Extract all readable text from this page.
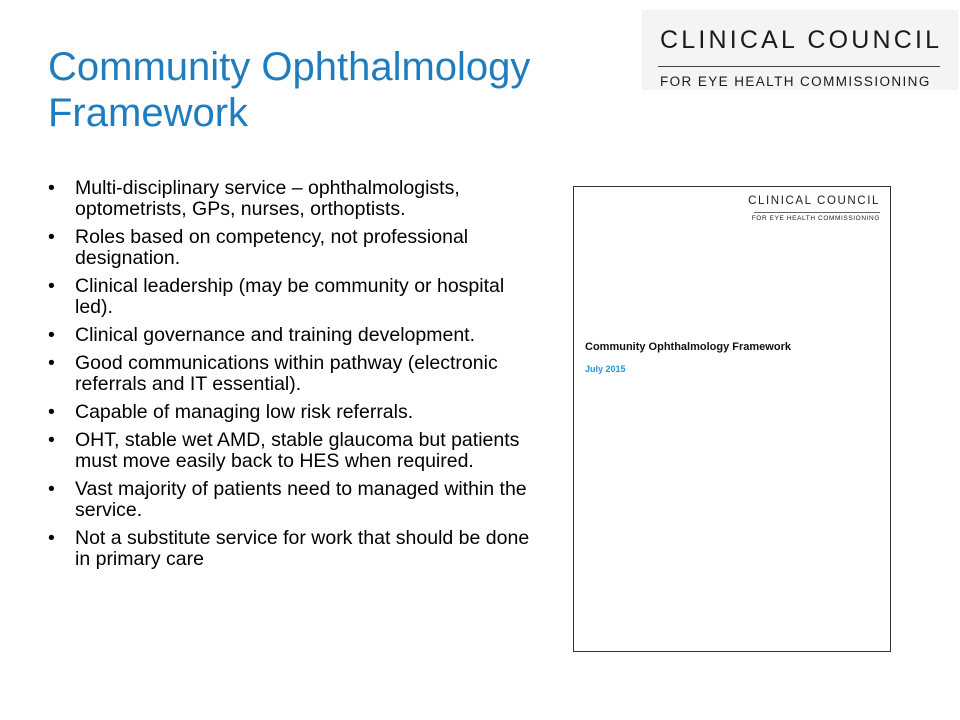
CLINICAL COUNCIL
FOR EYE HEALTH COMMISSIONING
Community Ophthalmology Framework
• Multi-disciplinary service – ophthalmologists, optometrists, GPs, nurses, orthoptists.
• Roles based on competency, not professional designation.
• Clinical leadership (may be community or hospital led).
• Clinical governance and training development.
• Good communications within pathway (electronic referrals and IT essential).
• Capable of managing low risk referrals.
• OHT, stable wet AMD, stable glaucoma but patients must move easily back to HES when required.
• Vast majority of patients need to managed within the service.
• Not a substitute service for work that should be done in primary care
CLINICAL COUNCIL
FOR EYE HEALTH COMMISSIONING
Community Ophthalmology Framework
July 2015
